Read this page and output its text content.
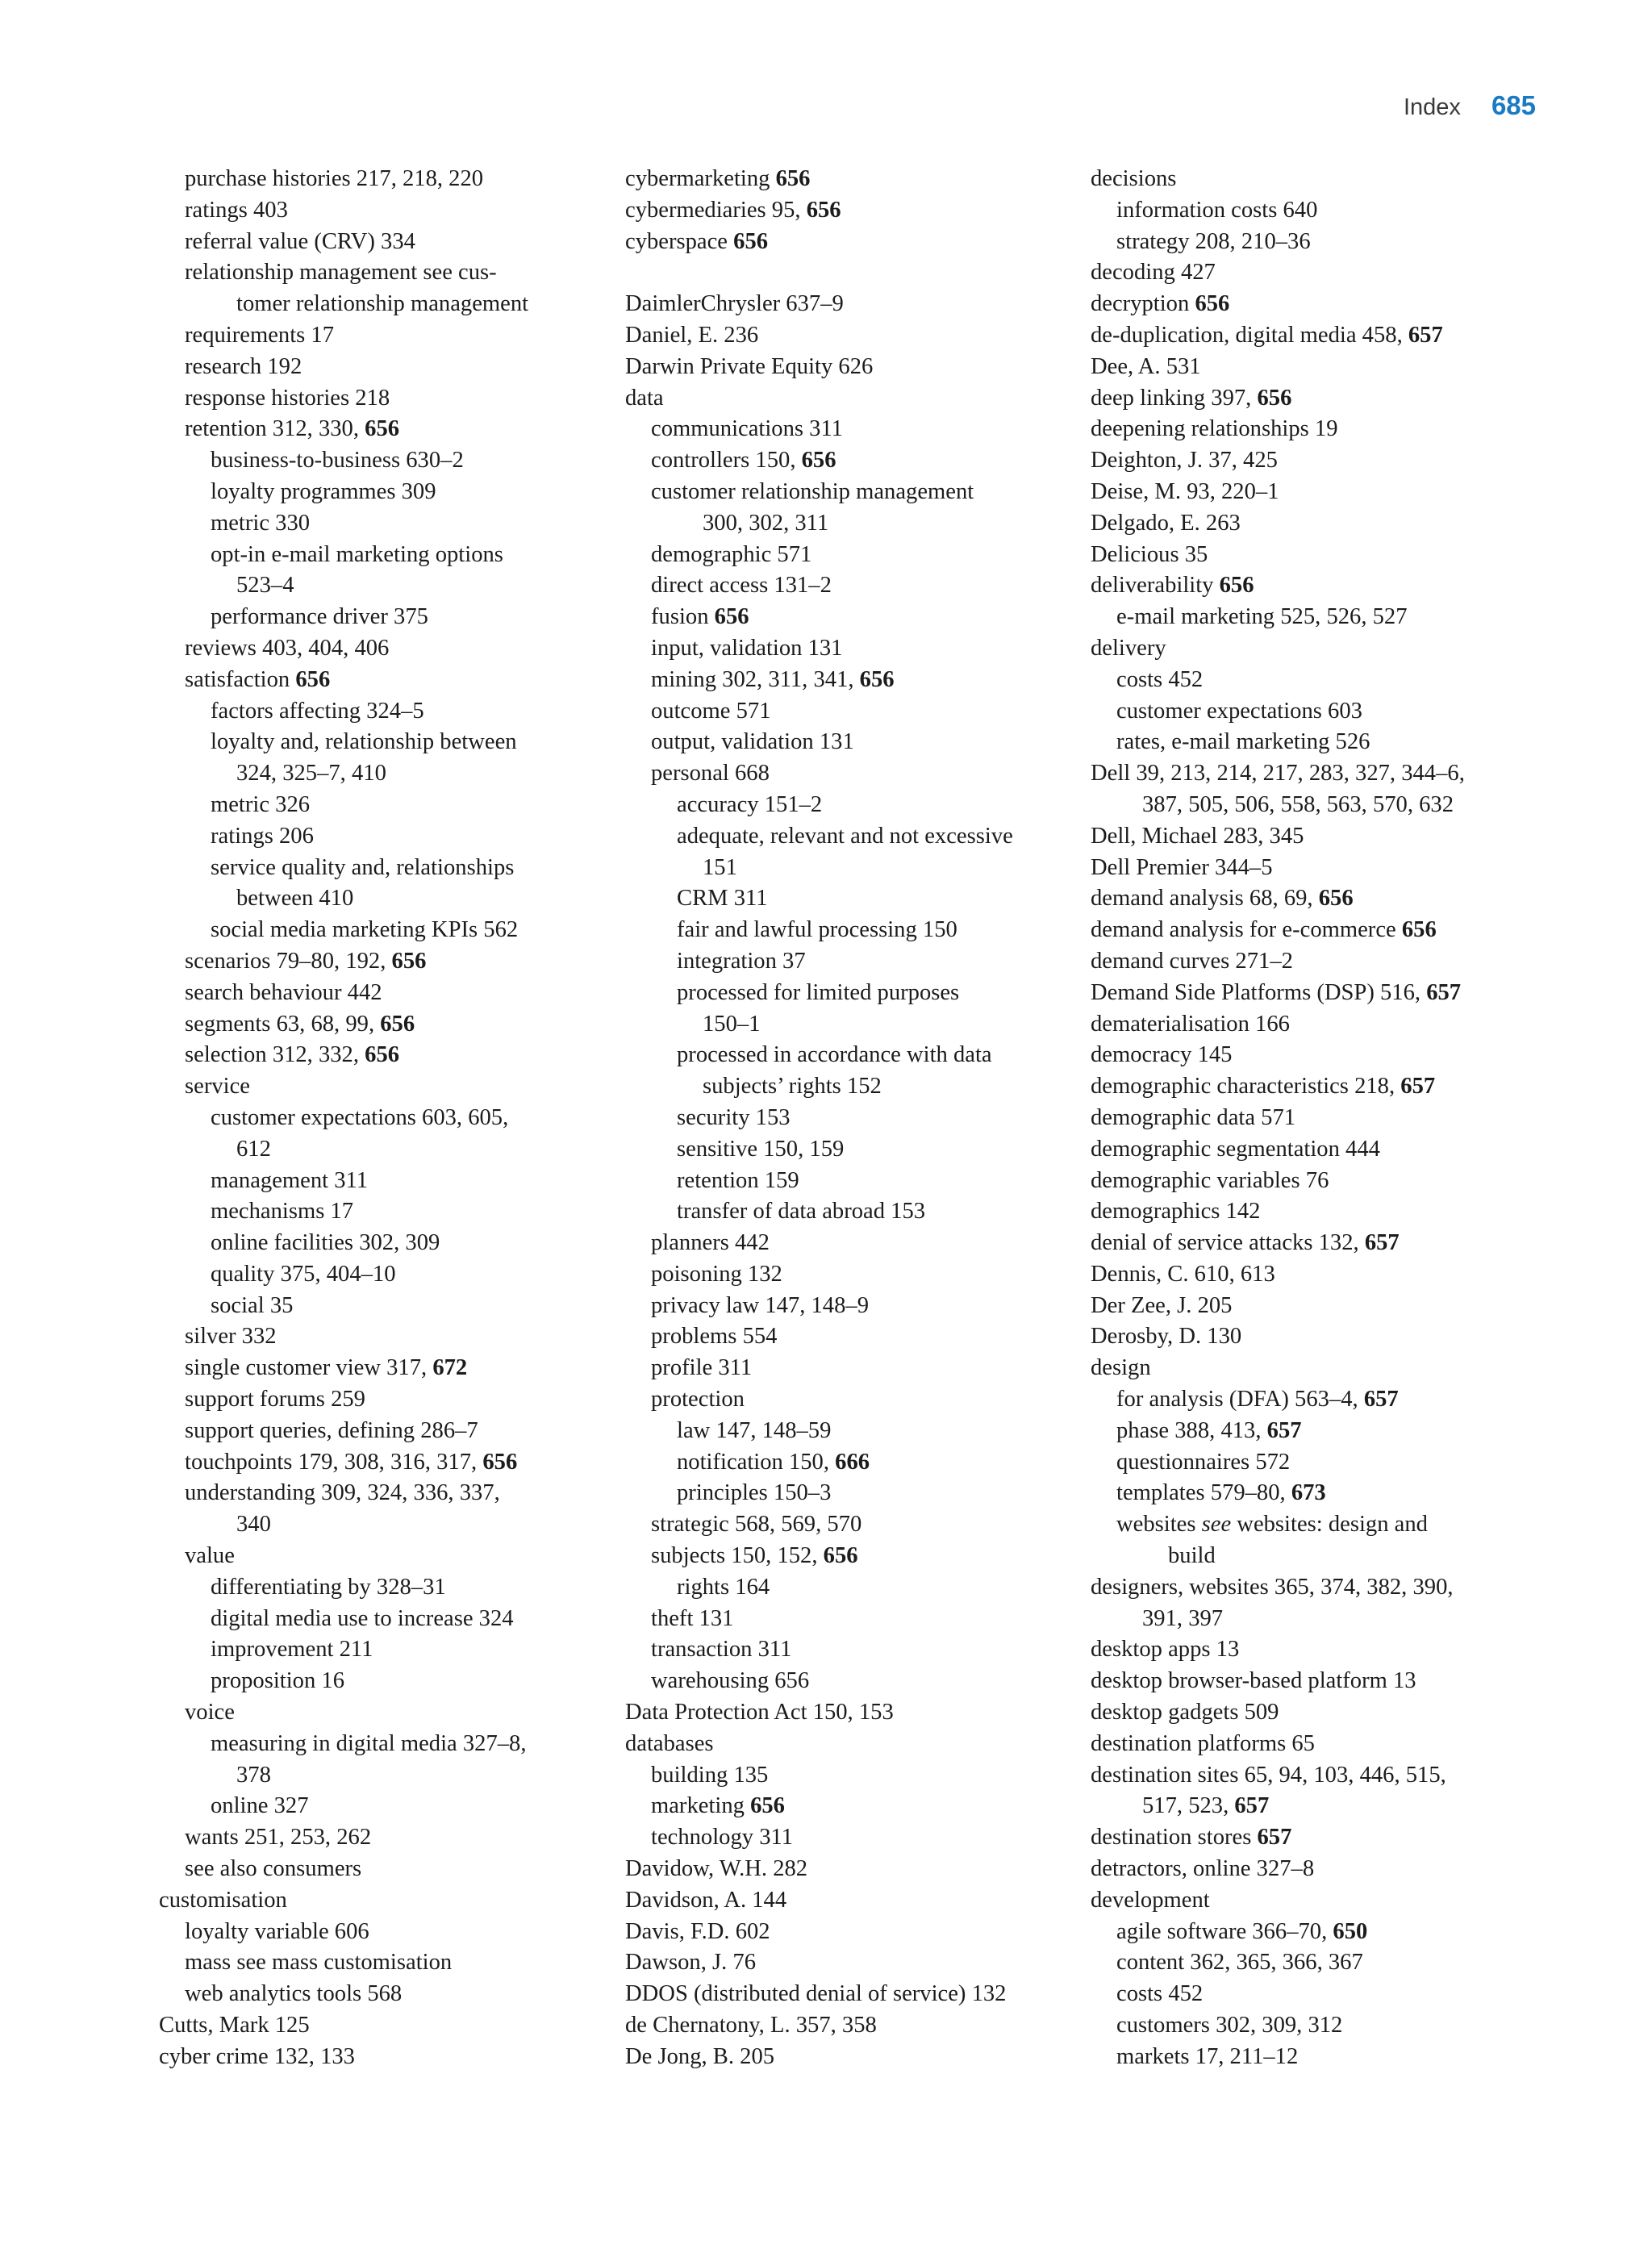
Index 685
purchase histories 217, 218, 220
ratings 403
referral value (CRV) 334
relationship management see cus-
tomer relationship management
requirements 17
research 192
response histories 218
retention 312, 330, 656
business-to-business 630–2
loyalty programmes 309
metric 330
opt-in e-mail marketing options
523–4
performance driver 375
reviews 403, 404, 406
satisfaction 656
factors affecting 324–5
loyalty and, relationship between
324, 325–7, 410
metric 326
ratings 206
service quality and, relationships
between 410
social media marketing KPIs 562
scenarios 79–80, 192, 656
search behaviour 442
segments 63, 68, 99, 656
selection 312, 332, 656
service
customer expectations 603, 605,
612
management 311
mechanisms 17
online facilities 302, 309
quality 375, 404–10
social 35
silver 332
single customer view 317, 672
support forums 259
support queries, defining 286–7
touchpoints 179, 308, 316, 317, 656
understanding 309, 324, 336, 337,
340
value
differentiating by 328–31
digital media use to increase 324
improvement 211
proposition 16
voice
measuring in digital media 327–8,
378
online 327
wants 251, 253, 262
see also consumers
customisation
loyalty variable 606
mass see mass customisation
web analytics tools 568
Cutts, Mark 125
cyber crime 132, 133
cybermarketing 656
cybermediaries 95, 656
cyberspace 656
DaimlerChrysler 637–9
Daniel, E. 236
Darwin Private Equity 626
data
communications 311
controllers 150, 656
customer relationship management
300, 302, 311
demographic 571
direct access 131–2
fusion 656
input, validation 131
mining 302, 311, 341, 656
outcome 571
output, validation 131
personal 668
accuracy 151–2
adequate, relevant and not excessive
151
CRM 311
fair and lawful processing 150
integration 37
processed for limited purposes
150–1
processed in accordance with data
subjects’ rights 152
security 153
sensitive 150, 159
retention 159
transfer of data abroad 153
planners 442
poisoning 132
privacy law 147, 148–9
problems 554
profile 311
protection
law 147, 148–59
notification 150, 666
principles 150–3
strategic 568, 569, 570
subjects 150, 152, 656
rights 164
theft 131
transaction 311
warehousing 656
Data Protection Act 150, 153
databases
building 135
marketing 656
technology 311
Davidow, W.H. 282
Davidson, A. 144
Davis, F.D. 602
Dawson, J. 76
DDOS (distributed denial of service) 132
de Chernatony, L. 357, 358
De Jong, B. 205
decisions
information costs 640
strategy 208, 210–36
decoding 427
decryption 656
de-duplication, digital media 458, 657
Dee, A. 531
deep linking 397, 656
deepening relationships 19
Deighton, J. 37, 425
Deise, M. 93, 220–1
Delgado, E. 263
Delicious 35
deliverability 656
e-mail marketing 525, 526, 527
delivery
costs 452
customer expectations 603
rates, e-mail marketing 526
Dell 39, 213, 214, 217, 283, 327, 344–6,
387, 505, 506, 558, 563, 570, 632
Dell, Michael 283, 345
Dell Premier 344–5
demand analysis 68, 69, 656
demand analysis for e-commerce 656
demand curves 271–2
Demand Side Platforms (DSP) 516, 657
dematerialisation 166
democracy 145
demographic characteristics 218, 657
demographic data 571
demographic segmentation 444
demographic variables 76
demographics 142
denial of service attacks 132, 657
Dennis, C. 610, 613
Der Zee, J. 205
Derosby, D. 130
design
for analysis (DFA) 563–4, 657
phase 388, 413, 657
questionnaires 572
templates 579–80, 673
websites see websites: design and
build
designers, websites 365, 374, 382, 390,
391, 397
desktop apps 13
desktop browser-based platform 13
desktop gadgets 509
destination platforms 65
destination sites 65, 94, 103, 446, 515,
517, 523, 657
destination stores 657
detractors, online 327–8
development
agile software 366–70, 650
content 362, 365, 366, 367
costs 452
customers 302, 309, 312
markets 17, 211–12
